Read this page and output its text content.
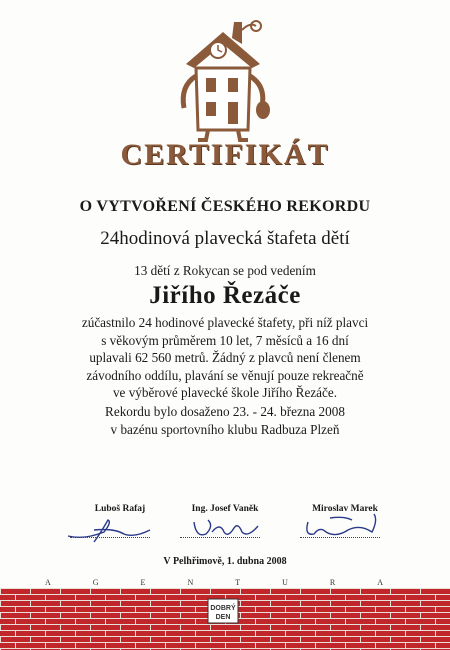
CERTIFIKÁT
O VYTVOŘENÍ ČESKÉHO REKORDU
24hodinová plavecká štafeta dětí
13 dětí z Rokycan se pod vedením
Jiřího Řezáče
zúčastnilo 24 hodinové plavecké štafety, při níž plavci
s věkovým průměrem 10 let, 7 měsíců a 16 dní
uplavali 62 560 metrů. Žádný z plavců není členem
závodního oddílu, plavání se věnují pouze rekreačně
ve výběrové plavecké škole Jiřího Řezáče.
Rekordu bylo dosaženo 23. - 24. března 2008
v bazénu sportovního klubu Radbuza Plzeň
Luboš Rafaj	Ing. Josef Vaněk	Miroslav Marek
V Pelhřimově, 1. dubna 2008
AGENTURA
DOBRÝ
DEN
